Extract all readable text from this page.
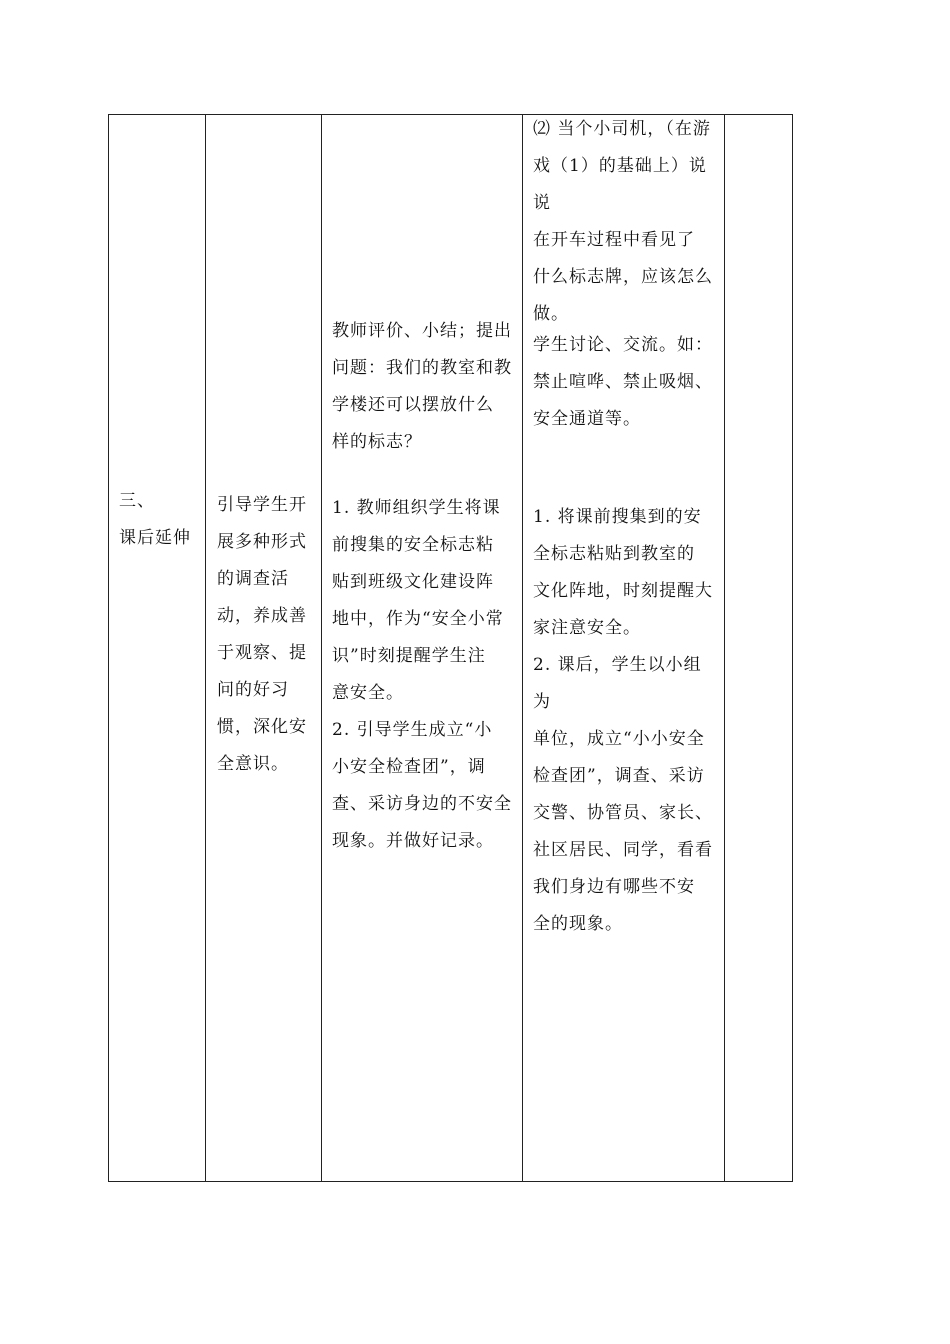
三、
课后延伸
引导学生开
展多种形式
的调查活
动，养成善
于观察、提
问的好习
惯，深化安
全意识。
教师评价、小结；提出
问题：我们的教室和教
学楼还可以摆放什么
样的标志？
1. 教师组织学生将课
前搜集的安全标志粘
贴到班级文化建设阵
地中，作为“安全小常
识”时刻提醒学生注
意安全。
2. 引导学生成立“小
小安全检查团”，调
查、采访身边的不安全
现象。并做好记录。
⑵ 当个小司机，（在游
戏（1）的基础上）说说
在开车过程中看见了
什么标志牌，应该怎么
做。
学生讨论、交流。如：
禁止喧哗、禁止吸烟、
安全通道等。
1. 将课前搜集到的安
全标志粘贴到教室的
文化阵地，时刻提醒大
家注意安全。
2. 课后，学生以小组为
单位，成立“小小安全
检查团”，调查、采访
交警、协管员、家长、
社区居民、同学，看看
我们身边有哪些不安
全的现象。
